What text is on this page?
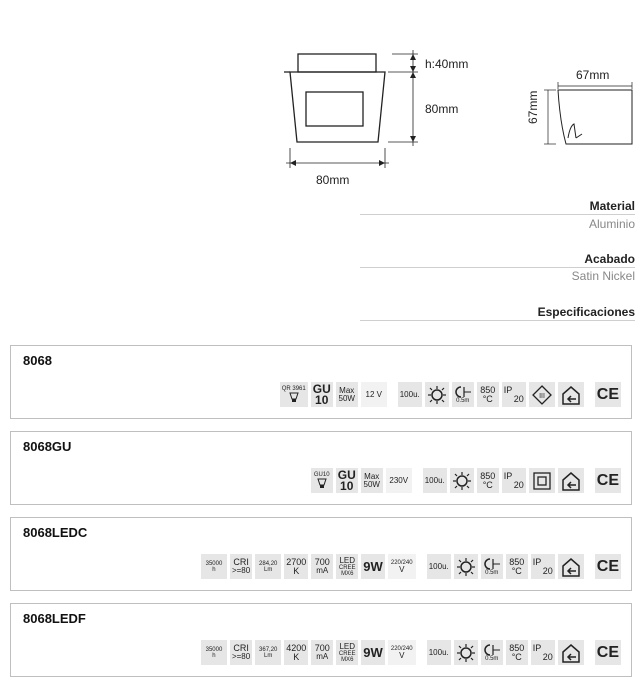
h:40mm
80mm
80mm
67mm
67mm
Material
Aluminio
Acabado
Satin Nickel
Especificaciones
8068
QR 3961 GU
10
Max
50W 12 V 100u.
0.5m
850
°C
IP
20 III	CE
8068GU
GU10 GU
10
Max
50W 230V 100u.	850
°C
IP
20	CE
8068LEDC
35000
h
CRI
>=80
284,20
Lm
2700
K
700
mA
LED
CREE
MX6 9W 220/240
V	100u.
0.5m
850
°C
IP
20	CE
8068LEDF
35000
h
CRI
>=80
367,20
Lm
4200
K
700
mA
LED
CREE
MX6 9W 220/240
V	100u.
0.5m
850
°C
IP
20	CE
